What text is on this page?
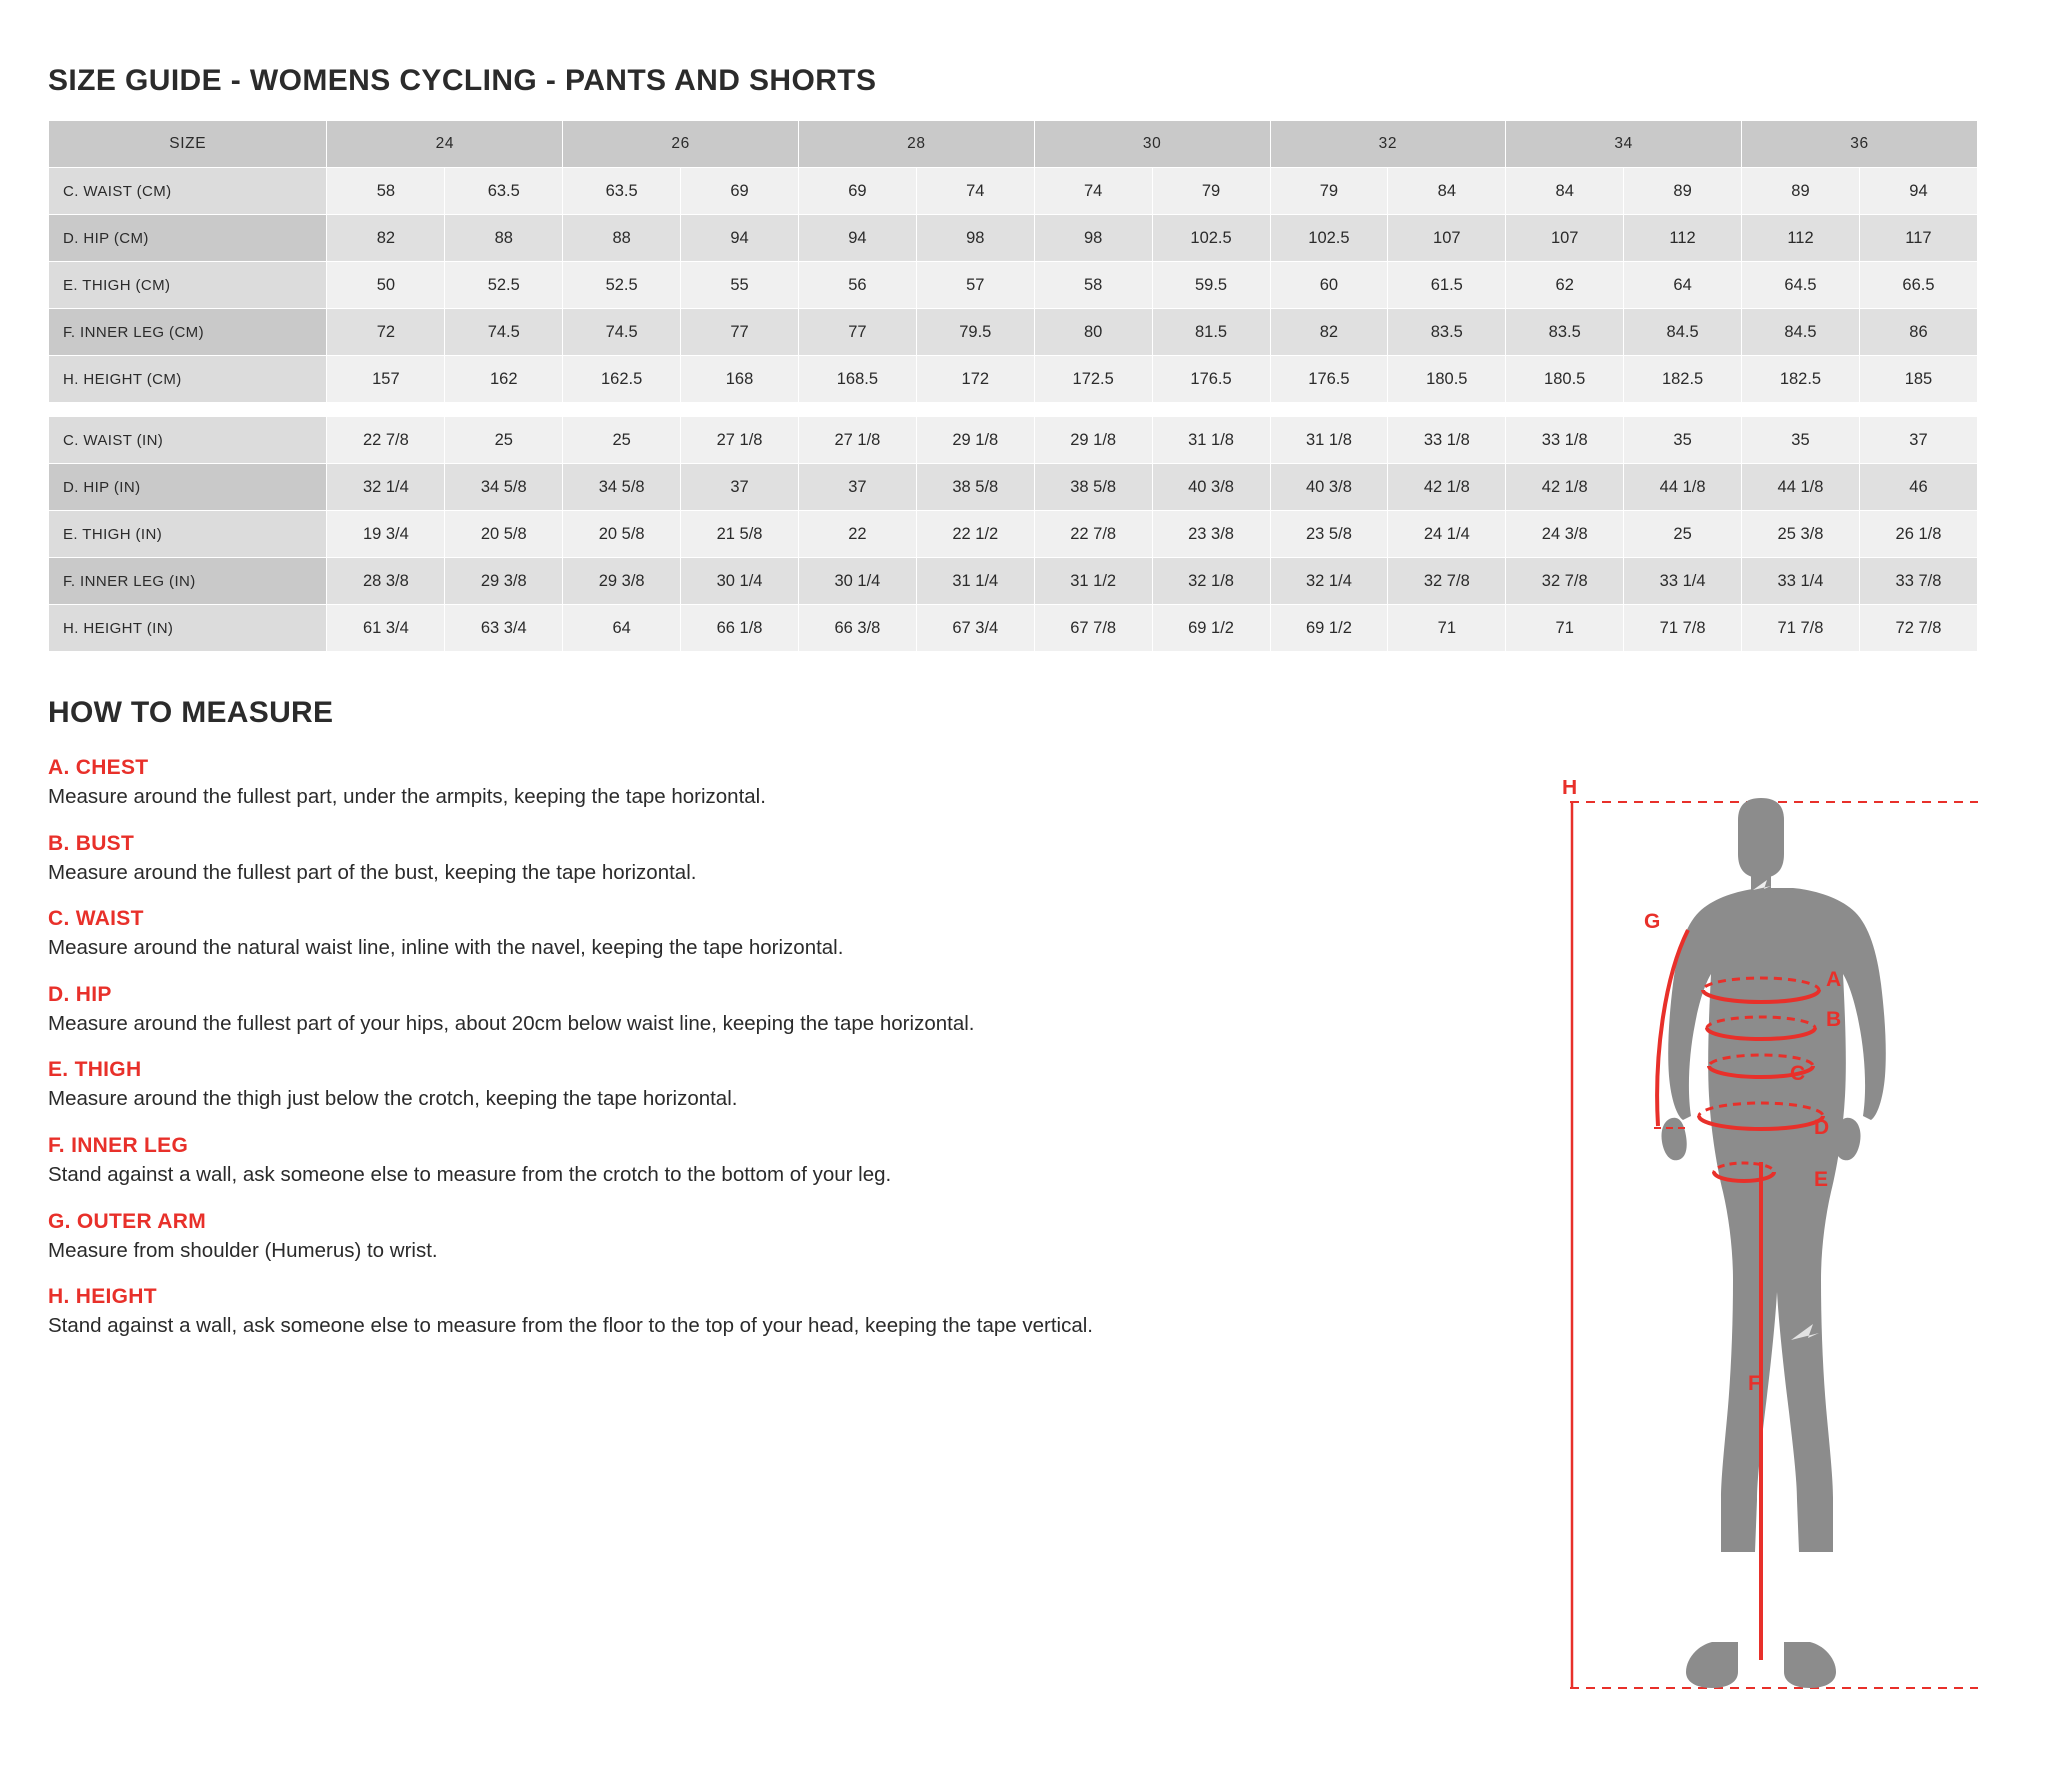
SIZE GUIDE - WOMENS CYCLING - PANTS AND SHORTS
SIZE	24		26		28		30		32		34		36	
C. WAIST (CM)	58	63.5	63.5	69	69	74	74	79	79	84	84	89	89	94
D. HIP (CM)	82	88	88	94	94	98	98	102.5	102.5	107	107	112	112	117
E. THIGH (CM)	50	52.5	52.5	55	56	57	58	59.5	60	61.5	62	64	64.5	66.5
F. INNER LEG (CM)	72	74.5	74.5	77	77	79.5	80	81.5	82	83.5	83.5	84.5	84.5	86
H. HEIGHT (CM)	157	162	162.5	168	168.5	172	172.5	176.5	176.5	180.5	180.5	182.5	182.5	185

C. WAIST (IN)	22 7/8	25	25	27 1/8	27 1/8	29 1/8	29 1/8	31 1/8	31 1/8	33 1/8	33 1/8	35	35	37
D. HIP (IN)	32 1/4	34 5/8	34 5/8	37	37	38 5/8	38 5/8	40 3/8	40 3/8	42 1/8	42 1/8	44 1/8	44 1/8	46
E. THIGH (IN)	19 3/4	20 5/8	20 5/8	21 5/8	22	22 1/2	22 7/8	23 3/8	23 5/8	24 1/4	24 3/8	25	25 3/8	26 1/8
F. INNER LEG (IN)	28 3/8	29 3/8	29 3/8	30 1/4	30 1/4	31 1/4	31 1/2	32 1/8	32 1/4	32 7/8	32 7/8	33 1/4	33 1/4	33 7/8
H. HEIGHT (IN)	61 3/4	63 3/4	64	66 1/8	66 3/8	67 3/4	67 7/8	69 1/2	69 1/2	71	71	71 7/8	71 7/8	72 7/8
HOW TO MEASURE
A. CHEST
Measure around the fullest part, under the armpits, keeping the tape horizontal.
B. BUST
Measure around the fullest part of the bust, keeping the tape horizontal.
C. WAIST
Measure around the natural waist line, inline with the navel, keeping the tape horizontal.
D. HIP
Measure around the fullest part of your hips, about 20cm below waist line, keeping the tape horizontal.
E. THIGH
Measure around the thigh just below the crotch, keeping the tape horizontal.
F. INNER LEG
Stand against a wall, ask someone else to measure from the crotch to the bottom of your leg.
G. OUTER ARM
Measure from shoulder (Humerus) to wrist.
H. HEIGHT
Stand against a wall, ask someone else to measure from the floor to the top of your head, keeping the tape vertical.
H
G
A
B
C
D
E
F
